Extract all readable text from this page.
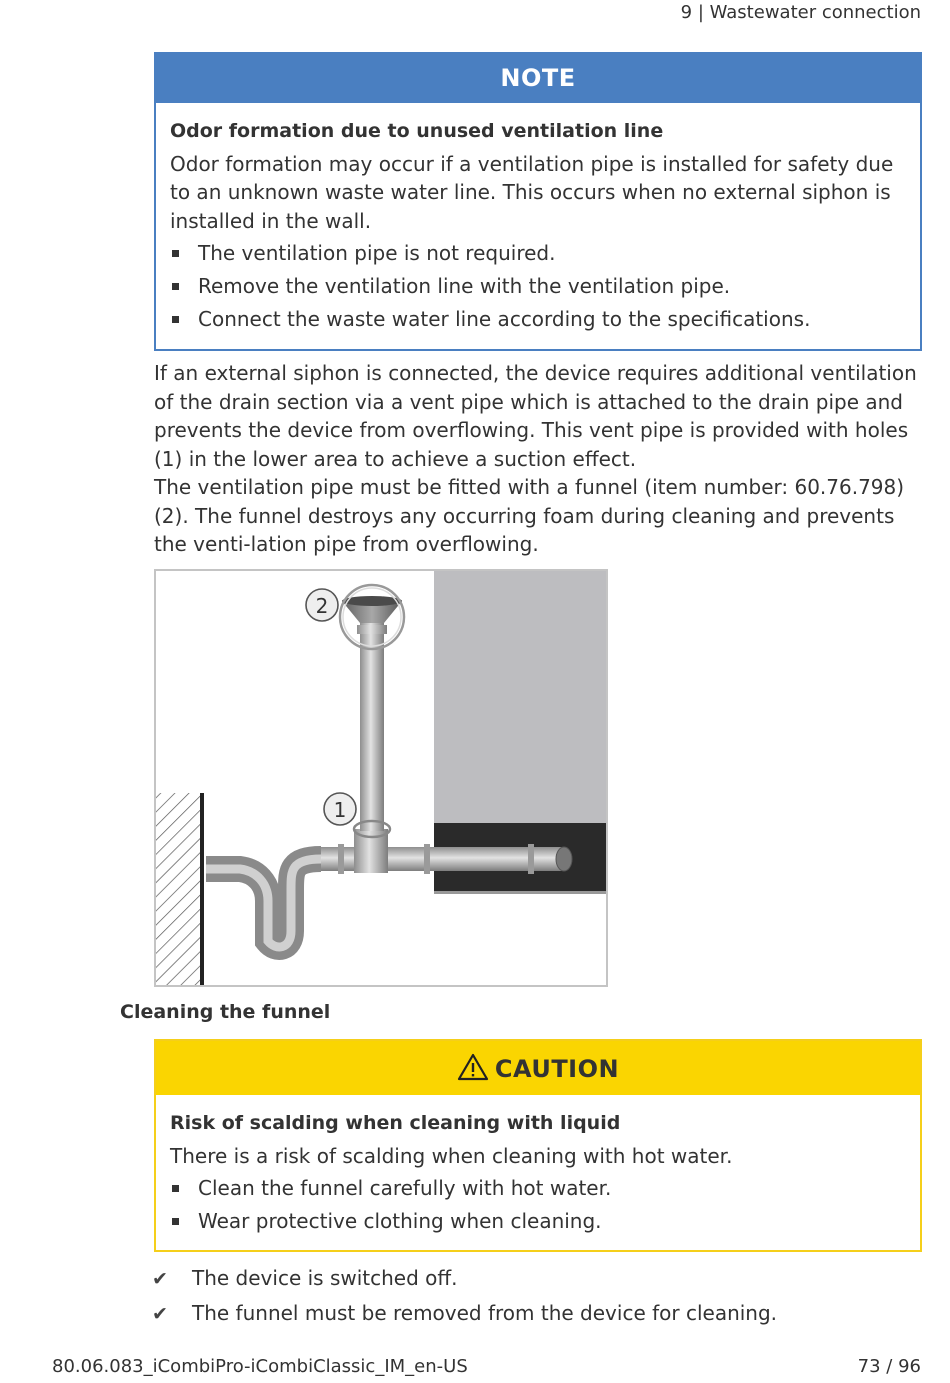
9 | Wastewater connection
NOTE
Odor formation due to unused ventilation line
Odor formation may occur if a ventilation pipe is installed for safety due to an unknown waste water line. This occurs when no external siphon is installed in the wall.
The ventilation pipe is not required.
Remove the ventilation line with the ventilation pipe.
Connect the waste water line according to the specifications.
If an external siphon is connected, the device requires additional ventilation of the drain section via a vent pipe which is attached to the drain pipe and prevents the device from overflowing. This vent pipe is provided with holes (1) in the lower area to achieve a suction effect.
The ventilation pipe must be fitted with a funnel (item number: 60.76.798) (2). The funnel destroys any occurring foam during cleaning and prevents the venti-lation pipe from overflowing.
2
1
Cleaning the funnel
CAUTION
Risk of scalding when cleaning with liquid
There is a risk of scalding when cleaning with hot water.
Clean the funnel carefully with hot water.
Wear protective clothing when cleaning.
✔ The device is switched off.
✔ The funnel must be removed from the device for cleaning.
80.06.083_iCombiPro-iCombiClassic_IM_en-US	73 / 96
